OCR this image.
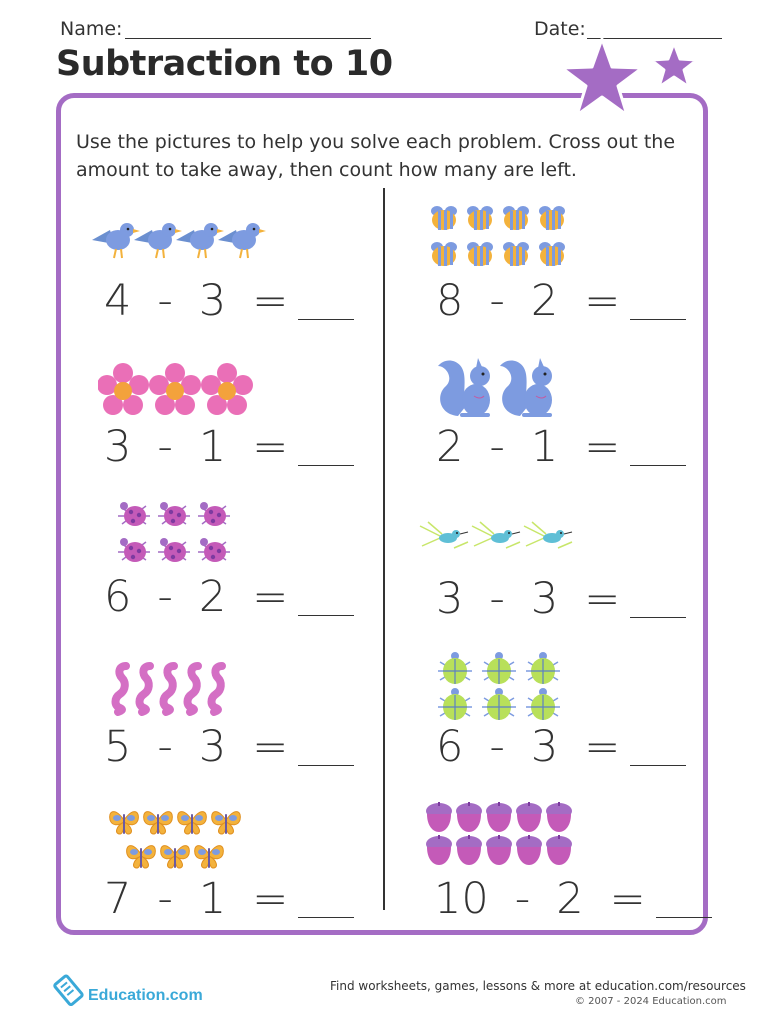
Name:	Date:
Subtraction to 10
Use the pictures to help you solve each problem. Cross out the amount to take away, then count how many are left.
4 - 3 =	8 - 2 =
3 - 1 =	2 - 1 =
6 - 2 =	3 - 3 =
5 - 3 =	6 - 3 =
7 - 1 =	10 - 2 =
Education.com
Find worksheets, games, lessons & more at education.com/resources
© 2007 - 2024 Education.com
